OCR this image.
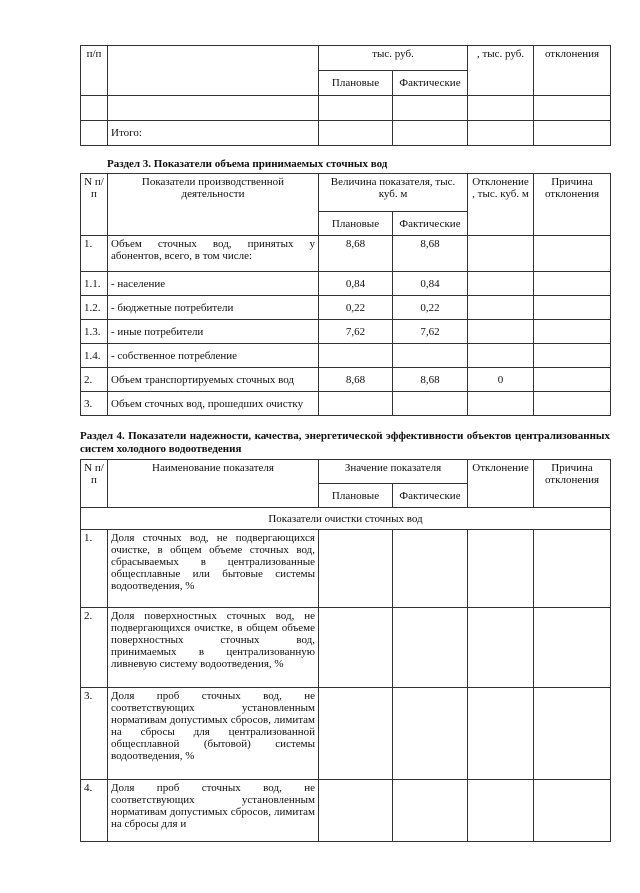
п/п		тыс. руб.		, тыс. руб.	отклонения
		Плановые	Фактические		

	Итого:				
Раздел 3. Показатели объема принимаемых сточных вод
N п/п	Показатели производственной деятельности	Величина показателя, тыс. куб. м		Отклонение , тыс. куб. м	Причина отклонения
		Плановые	Фактические		
1.	Объем сточных вод, принятых у абонентов, всего, в том числе:	8,68	8,68		
1.1.	- население	0,84	0,84		
1.2.	- бюджетные потребители	0,22	0,22		
1.3.	- иные потребители	7,62	7,62		
1.4.	- собственное потребление				
2.	Объем транспортируемых сточных вод	8,68	8,68	0	
3.	Объем сточных вод, прошедших очистку				
Раздел 4. Показатели надежности, качества, энергетической эффективности объектов централизованных систем холодного водоотведения
N п/п	Наименование показателя	Значение показателя		Отклонение	Причина отклонения
		Плановые	Фактические		
Показатели очистки сточных вод					
1.	Доля сточных вод, не подвергающихся очистке, в общем объеме сточных вод, сбрасываемых в централизованные общесплавные или бытовые системы водоотведения, %				
2.	Доля поверхностных сточных вод, не подвергающихся очистке, в общем объеме поверхностных сточных вод, принимаемых в централизованную ливневую систему водоотведения, %				
3.	Доля проб сточных вод, не соответствующих установленным нормативам допустимых сбросов, лимитам на сбросы для централизованной общесплавной (бытовой) системы водоотведения, %				
4.	Доля проб сточных вод, не соответствующих установленным нормативам допустимых сбросов, лимитам на сбросы для и				
